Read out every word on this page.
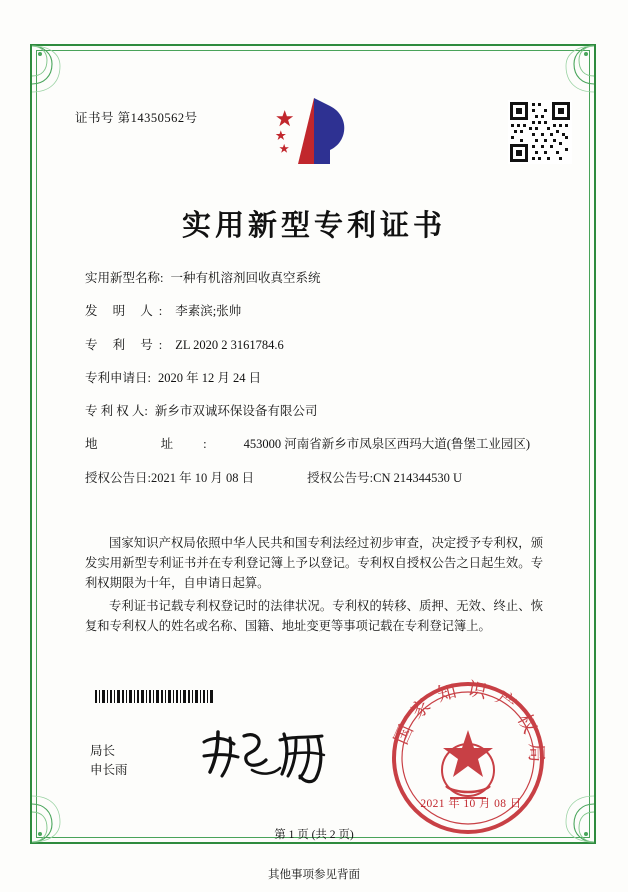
证书号 第14350562号
实用新型专利证书
实用新型名称: 一种有机溶剂回收真空系统
发 明 人: 李素滨;张帅
专 利 号: ZL 2020 2 3161784.6
专利申请日: 2020 年 12 月 24 日
专 利 权 人: 新乡市双诚环保设备有限公司
地 址: 453000 河南省新乡市凤泉区西玛大道(鲁堡工业园区)
授权公告日: 2021 年 10 月 08 日	授权公告号: CN 214344530 U

国家知识产权局依照中华人民共和国专利法经过初步审查，决定授予专利权，颁发实用新型专利证书并在专利登记簿上予以登记。专利权自授权公告之日起生效。专利权期限为十年，自申请日起算。

专利证书记载专利权登记时的法律状况。专利权的转移、质押、无效、终止、恢复和专利权人的姓名或名称、国籍、地址变更等事项记载在专利登记簿上。

局长
申长雨
国家知识产权局
2021 年 10 月 08 日
第 1 页 (共 2 页)
其他事项参见背面
